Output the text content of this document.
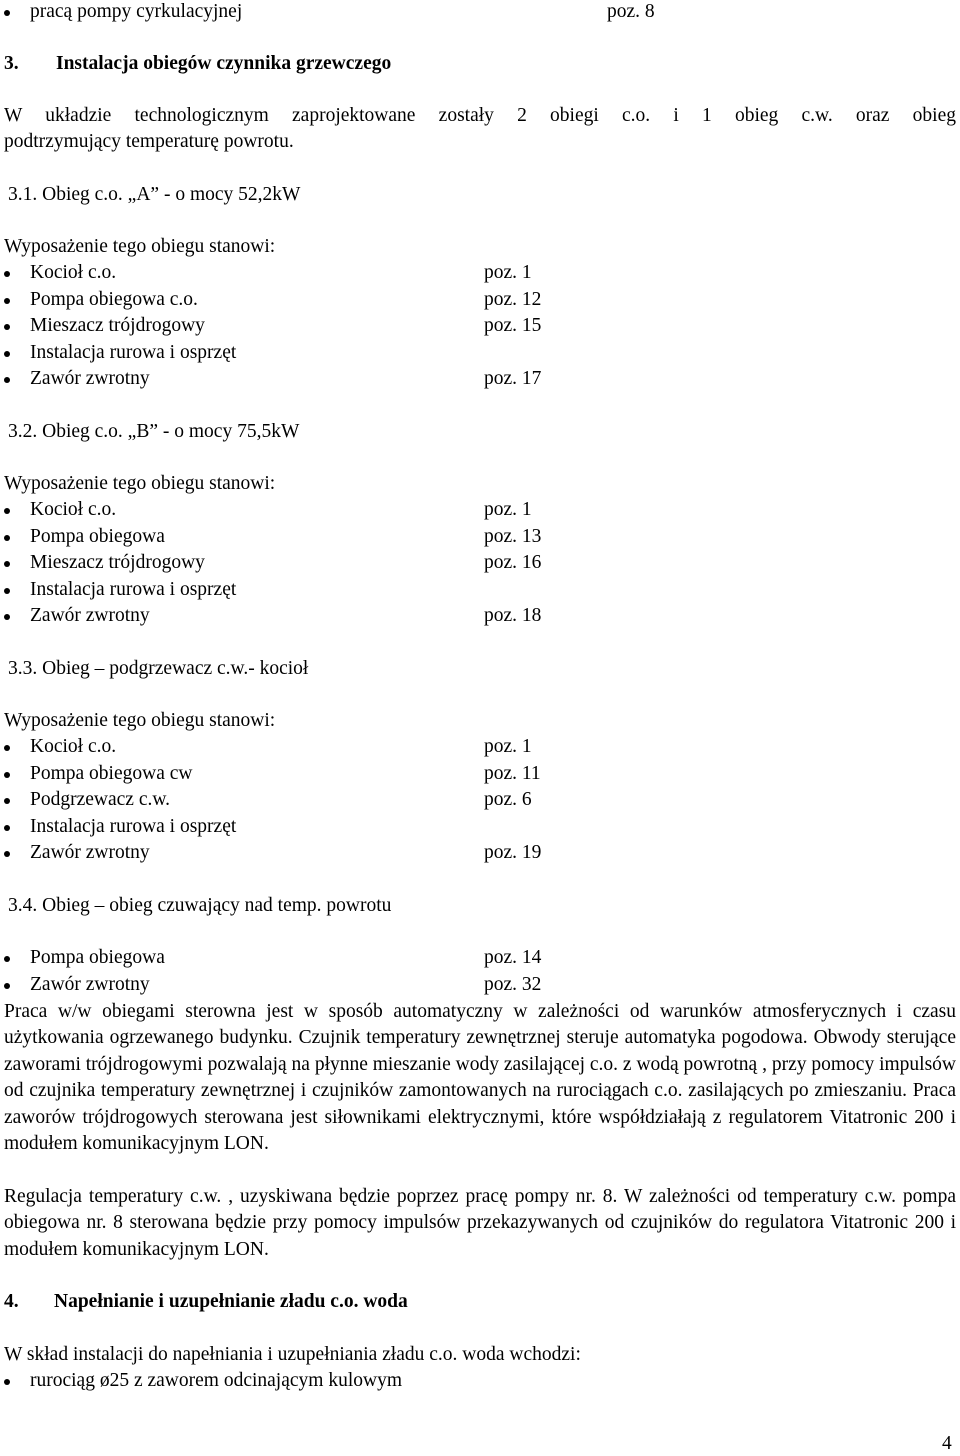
pracą pompy cyrkulacyjnej	poz. 8
3. Instalacja obiegów czynnika grzewczego
W układzie technologicznym zaprojektowane zostały 2 obiegi c.o. i 1 obieg c.w. oraz obieg
podtrzymujący temperaturę powrotu.
3.1. Obieg c.o. „A” - o mocy 52,2kW
Wyposażenie tego obiegu stanowi:
Kocioł c.o.	poz. 1
Pompa obiegowa c.o.	poz. 12
Mieszacz trójdrogowy	poz. 15
Instalacja rurowa i osprzęt
Zawór zwrotny	poz. 17
3.2. Obieg c.o. „B” - o mocy 75,5kW
Wyposażenie tego obiegu stanowi:
Kocioł c.o.	poz. 1
Pompa obiegowa	poz. 13
Mieszacz trójdrogowy	poz. 16
Instalacja rurowa i osprzęt
Zawór zwrotny	poz. 18
3.3. Obieg – podgrzewacz c.w.- kocioł
Wyposażenie tego obiegu stanowi:
Kocioł c.o.	poz. 1
Pompa obiegowa cw	poz. 11
Podgrzewacz c.w.	poz. 6
Instalacja rurowa i osprzęt
Zawór zwrotny	poz. 19
3.4. Obieg – obieg czuwający nad temp. powrotu
Pompa obiegowa	poz. 14
Zawór zwrotny	poz. 32

Praca w/w obiegami sterowna jest w sposób automatyczny w zależności od warunków atmosferycznych i czasu użytkowania ogrzewanego budynku. Czujnik temperatury zewnętrznej steruje automatyka pogodowa. Obwody sterujące zaworami trójdrogowymi pozwalają na płynne mieszanie wody zasilającej c.o. z wodą powrotną , przy pomocy impulsów od czujnika temperatury zewnętrznej i czujników zamontowanych na rurociągach c.o. zasilających po zmieszaniu. Praca zaworów trójdrogowych sterowana jest siłownikami elektrycznymi, które współdziałają z regulatorem Vitatronic 200 i modułem komunikacyjnym LON.

Regulacja temperatury c.w. , uzyskiwana będzie poprzez pracę pompy nr. 8. W zależności od temperatury c.w. pompa obiegowa nr. 8 sterowana będzie przy pomocy impulsów przekazywanych od czujników do regulatora Vitatronic 200 i modułem komunikacyjnym LON.

4. Napełnianie i uzupełnianie zładu c.o. woda
W skład instalacji do napełniania i uzupełniania zładu c.o. woda wchodzi:
rurociąg ø25 z zaworem odcinającym kulowym
4
